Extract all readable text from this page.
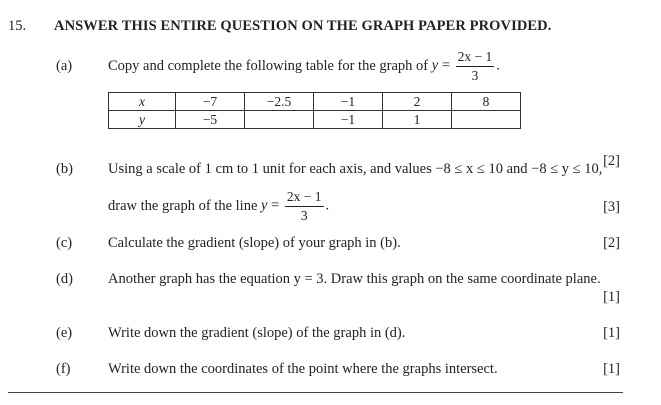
15. ANSWER THIS ENTIRE QUESTION ON THE GRAPH PAPER PROVIDED.
(a) Copy and complete the following table for the graph of $y = \frac{2x - 1}{3}$ .
x	−7	−2.5	−1	2	8
y	−5		−1	1	
[2]
(b) Using a scale of 1 cm to 1 unit for each axis, and values −8 ≤ x ≤ 10 and −8 ≤ y ≤ 10,
draw the graph of the line $y = \frac{2x - 1}{3}$ .	[3]
(c) Calculate the gradient (slope) of your graph in (b).	[2]
(d) Another graph has the equation y = 3. Draw this graph on the same coordinate plane.
[1]
(e) Write down the gradient (slope) of the graph in (d).	[1]
(f)	Write down the coordinates of the point where the graphs intersect.	[1]
